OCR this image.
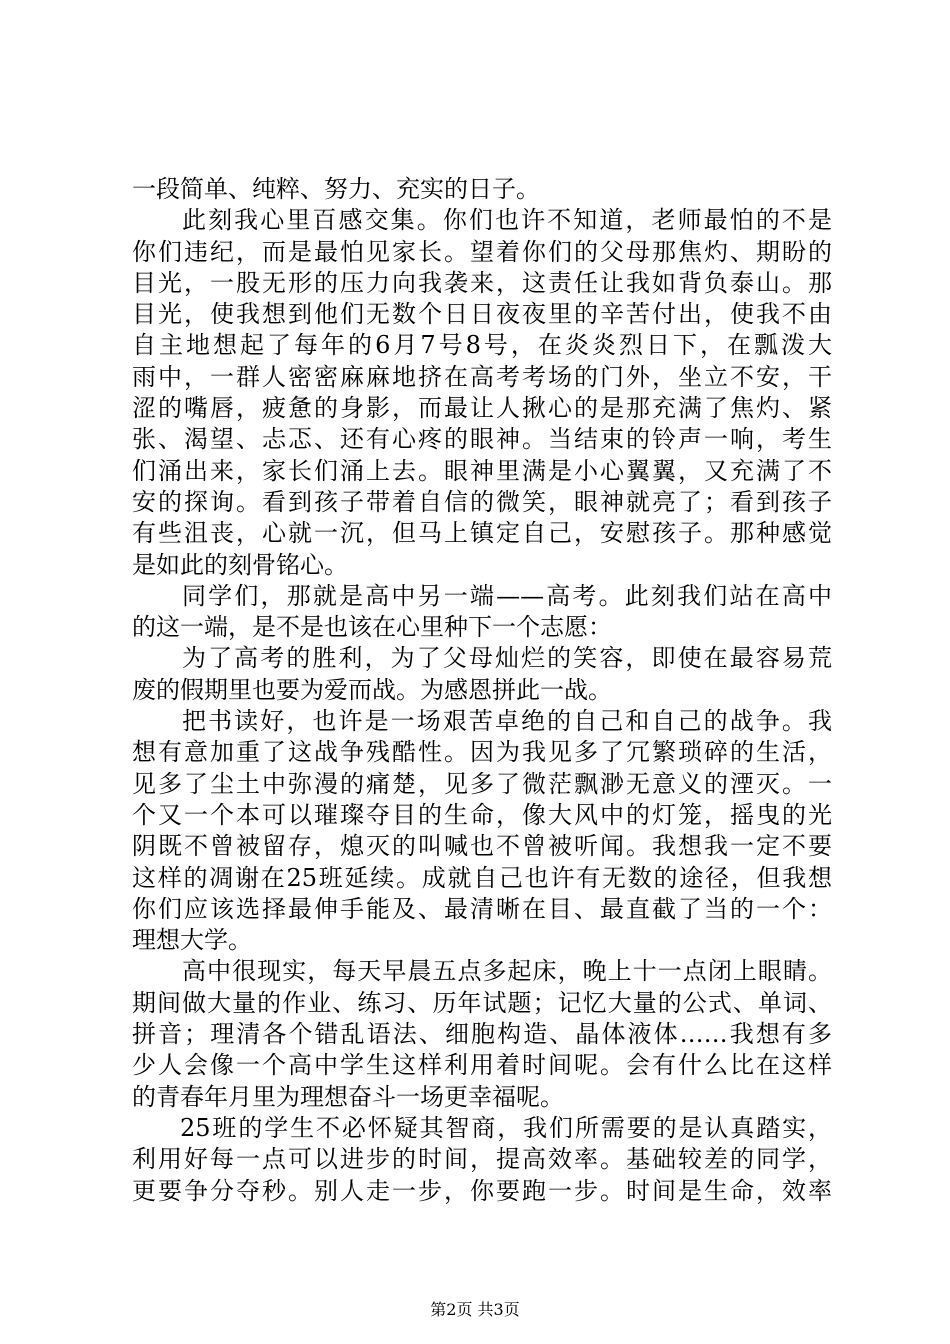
一段简单、纯粹、努力、充实的日子。
此刻我心里百感交集。你们也许不知道，老师最怕的不是
你们违纪，而是最怕见家长。望着你们的父母那焦灼、期盼的
目光，一股无形的压力向我袭来，这责任让我如背负泰山。那
目光，使我想到他们无数个日日夜夜里的辛苦付出，使我不由
自主地想起了每年的6月7号8号，在炎炎烈日下，在瓢泼大
雨中，一群人密密麻麻地挤在高考考场的门外，坐立不安，干
涩的嘴唇，疲惫的身影，而最让人揪心的是那充满了焦灼、紧
张、渴望、忐忑、还有心疼的眼神。当结束的铃声一响，考生
们涌出来，家长们涌上去。眼神里满是小心翼翼，又充满了不
安的探询。看到孩子带着自信的微笑，眼神就亮了；看到孩子
有些沮丧，心就一沉，但马上镇定自己，安慰孩子。那种感觉
是如此的刻骨铭心。
同学们，那就是高中另一端——高考。此刻我们站在高中
的这一端，是不是也该在心里种下一个志愿：
为了高考的胜利，为了父母灿烂的笑容，即使在最容易荒
废的假期里也要为爱而战。为感恩拼此一战。
把书读好，也许是一场艰苦卓绝的自己和自己的战争。我
想有意加重了这战争残酷性。因为我见多了冗繁琐碎的生活，
见多了尘土中弥漫的痛楚，见多了微茫飘渺无意义的湮灭。一
个又一个本可以璀璨夺目的生命，像大风中的灯笼，摇曳的光
阴既不曾被留存，熄灭的叫喊也不曾被听闻。我想我一定不要
这样的凋谢在25班延续。成就自己也许有无数的途径，但我想
你们应该选择最伸手能及、最清晰在目、最直截了当的一个：
理想大学。
高中很现实，每天早晨五点多起床，晚上十一点闭上眼睛。
期间做大量的作业、练习、历年试题；记忆大量的公式、单词、
拼音；理清各个错乱语法、细胞构造、晶体液体……我想有多
少人会像一个高中学生这样利用着时间呢。会有什么比在这样
的青春年月里为理想奋斗一场更幸福呢。
25班的学生不必怀疑其智商，我们所需要的是认真踏实，
利用好每一点可以进步的时间，提高效率。基础较差的同学，
更要争分夺秒。别人走一步，你要跑一步。时间是生命，效率
第2页 共3页
